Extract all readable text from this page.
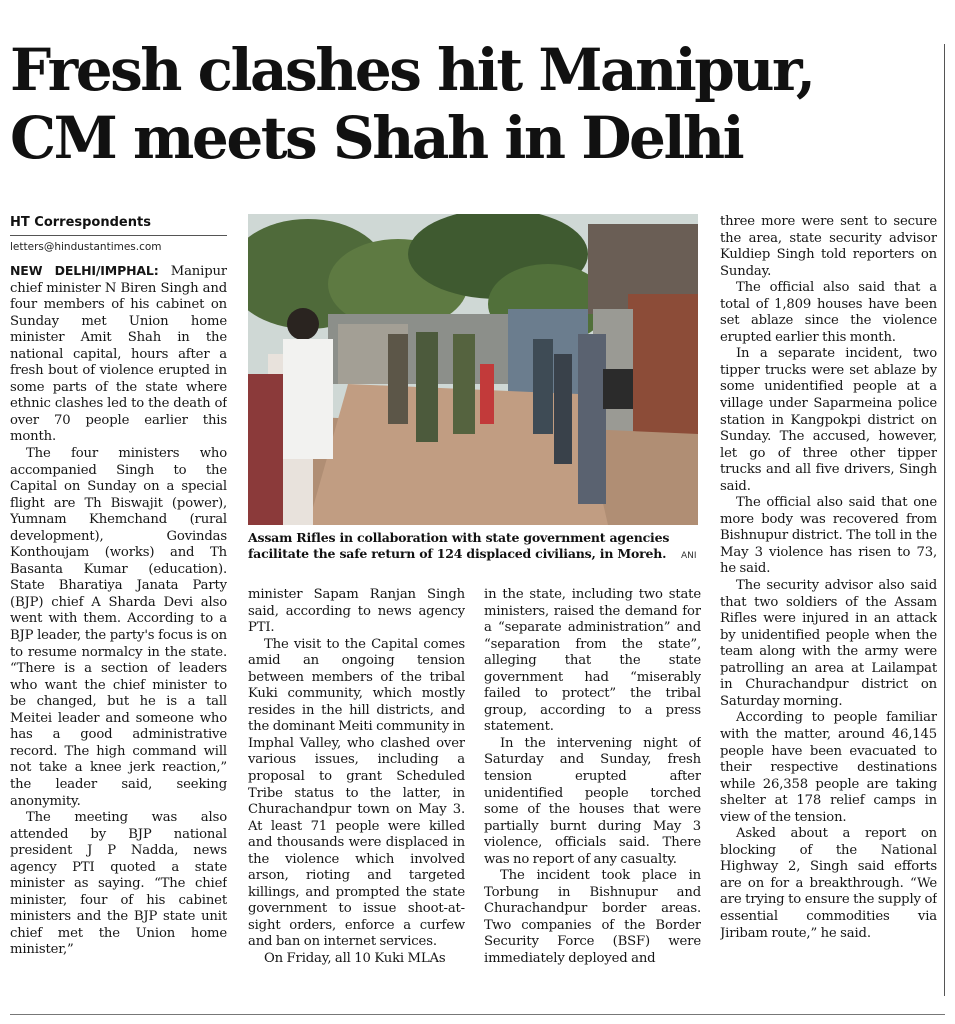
Fresh clashes hit Manipur,
CM meets Shah in Delhi
HT Correspondents
letters@hindustantimes.com

NEW DELHI/IMPHAL: Manipur chief minister N Biren Singh and four members of his cabinet on Sunday met Union home minister Amit Shah in the national capital, hours after a fresh bout of violence erupted in some parts of the state where ethnic clashes led to the death of over 70 people earlier this month.

The four ministers who accompanied Singh to the Capital on Sunday on a special flight are Th Biswajit (power), Yumnam Khemchand (rural development), Govindas Konthoujam (works) and Th Basanta Kumar (education). State Bharatiya Janata Party (BJP) chief A Sharda Devi also went with them. According to a BJP leader, the party's focus is on to resume normalcy in the state. “There is a section of leaders who want the chief minister to be changed, but he is a tall Meitei leader and someone who has a good administrative record. The high command will not take a knee jerk reaction,” the leader said, seeking anonymity.

The meeting was also attended by BJP national president J P Nadda, news agency PTI quoted a state minister as saying. “The chief minister, four of his cabinet ministers and the BJP state unit chief met the Union home minister,”

Assam Rifles in collaboration with state government agencies facilitate the safe return of 124 displaced civilians, in Moreh.	ANI

minister Sapam Ranjan Singh said, according to news agency PTI.

The visit to the Capital comes amid an ongoing tension between members of the tribal Kuki community, which mostly resides in the hill districts, and the dominant Meiti community in Imphal Valley, who clashed over various issues, including a proposal to grant Scheduled Tribe status to the latter, in Churachandpur town on May 3. At least 71 people were killed and thousands were displaced in the violence which involved arson, rioting and targeted killings, and prompted the state government to issue shoot-at-sight orders, enforce a curfew and ban on internet services.

On Friday, all 10 Kuki MLAs

in the state, including two state ministers, raised the demand for a “separate administration” and “separation from the state”, alleging that the state government had “miserably failed to protect” the tribal group, according to a press statement.

In the intervening night of Saturday and Sunday, fresh tension erupted after unidentified people torched some of the houses that were partially burnt during May 3 violence, officials said. There was no report of any casualty.

The incident took place in Torbung in Bishnupur and Churachandpur border areas. Two companies of the Border Security Force (BSF) were immediately deployed and

three more were sent to secure the area, state security advisor Kuldiep Singh told reporters on Sunday.

The official also said that a total of 1,809 houses have been set ablaze since the violence erupted earlier this month.

In a separate incident, two tipper trucks were set ablaze by some unidentified people at a village under Saparmeina police station in Kangpokpi district on Sunday. The accused, however, let go of three other tipper trucks and all five drivers, Singh said.

The official also said that one more body was recovered from Bishnupur district. The toll in the May 3 violence has risen to 73, he said.

The security advisor also said that two soldiers of the Assam Rifles were injured in an attack by unidentified people when the team along with the army were patrolling an area at Lailampat in Churachandpur district on Saturday morning.

According to people familiar with the matter, around 46,145 people have been evacuated to their respective destinations while 26,358 people are taking shelter at 178 relief camps in view of the tension.

Asked about a report on blocking of the National Highway 2, Singh said efforts are on for a breakthrough. “We are trying to ensure the supply of essential commodities via Jiribam route,” he said.
